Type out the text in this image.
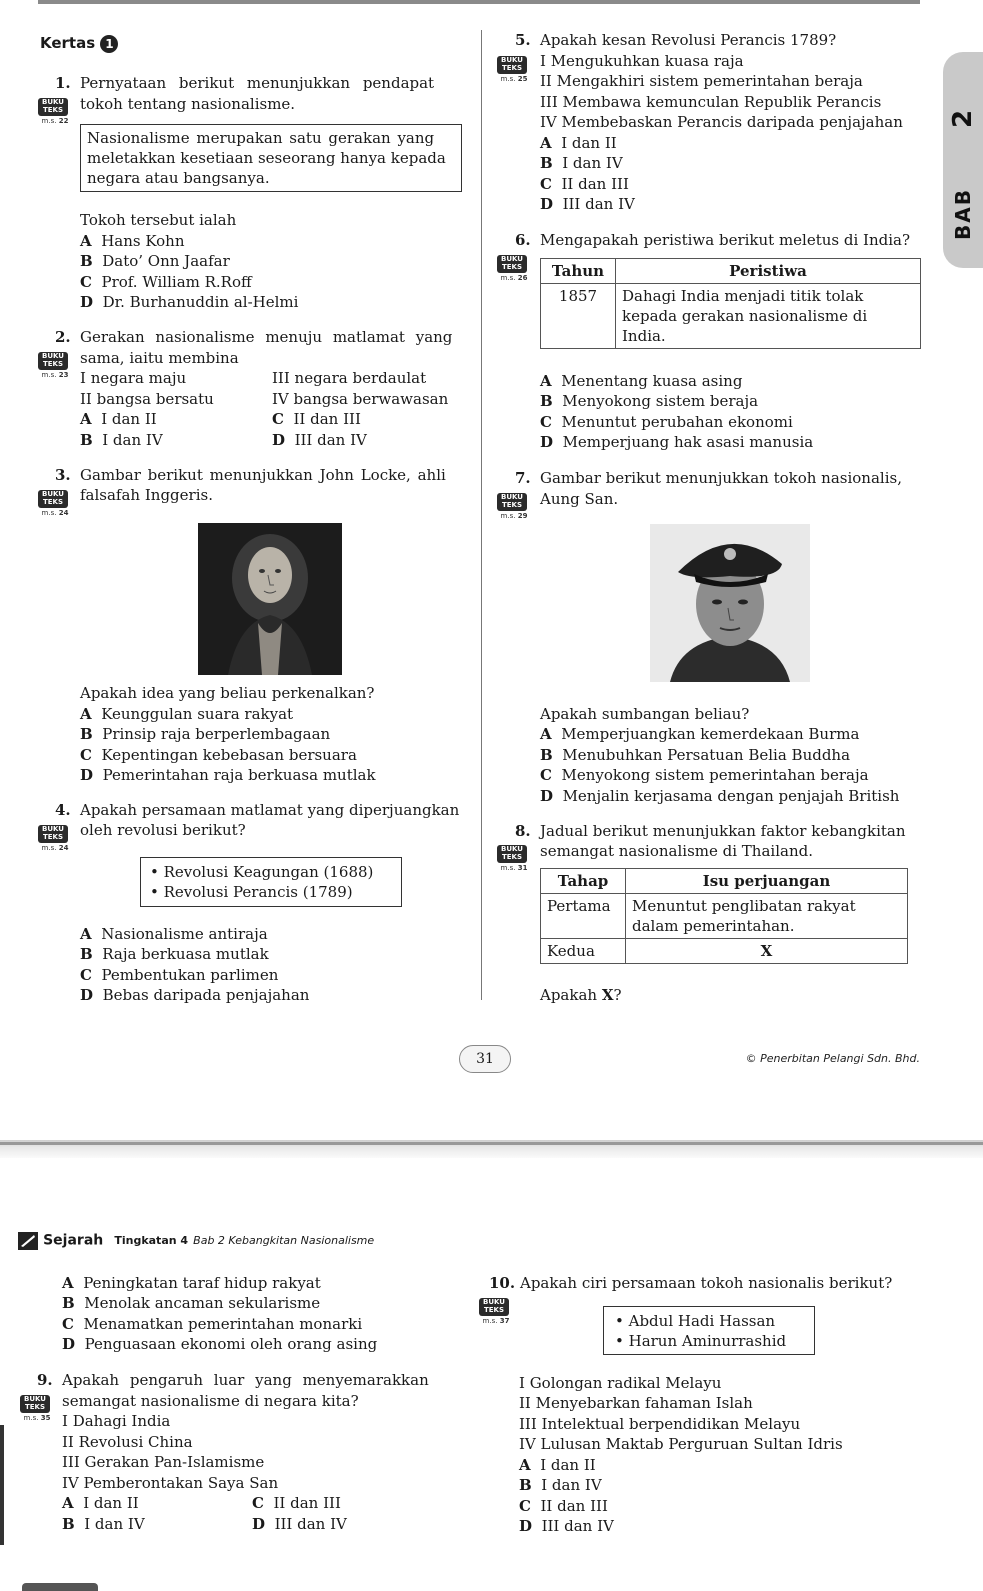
Kertas 1
1. Pernyataan berikut menunjukkan pendapat
tokoh tentang nasionalisme.
BUKU TEKS
m.s. 22
Nasionalisme merupakan satu gerakan yang
meletakkan kesetiaan seseorang hanya kepada
negara atau bangsanya.
Tokoh tersebut ialah
A Hans Kohn
B Dato’ Onn Jaafar
C Prof. William R.Roff
D Dr. Burhanuddin al-Helmi
2. Gerakan nasionalisme menuju matlamat yang
sama, iaitu membina
BUKU TEKS
m.s. 23 I negara maju	III negara berdaulat
II bangsa bersatu	IV bangsa berwawasan
A I dan II	C II dan III
B I dan IV	D III dan IV
3. Gambar berikut menunjukkan John Locke, ahli
falsafah Inggeris.
BUKU TEKS
m.s. 24
Apakah idea yang beliau perkenalkan?
A Keunggulan suara rakyat
B Prinsip raja berperlembagaan
C Kepentingan kebebasan bersuara
D Pemerintahan raja berkuasa mutlak
4. Apakah persamaan matlamat yang diperjuangkan
oleh revolusi berikut?
BUKU TEKS
m.s. 24
• Revolusi Keagungan (1688)
• Revolusi Perancis (1789)
A Nasionalisme antiraja
B Raja berkuasa mutlak
C Pembentukan parlimen
D Bebas daripada penjajahan
5. Apakah kesan Revolusi Perancis 1789?
BUKU TEKS
m.s. 25
I Mengukuhkan kuasa raja
II Mengakhiri sistem pemerintahan beraja
III Membawa kemunculan Republik Perancis
IV Membebaskan Perancis daripada penjajahan
A I dan II
B I dan IV
C II dan III
D III dan IV
2
BAB
6. Mengapakah peristiwa berikut meletus di India?
BUKU TEKS
m.s. 26 Tahun	Peristiwa
1857	Dahagi India menjadi titik tolak kepada gerakan nasionalisme di India.
A Menentang kuasa asing
B Menyokong sistem beraja
C Menuntut perubahan ekonomi
D Memperjuang hak asasi manusia
7. Gambar berikut menunjukkan tokoh nasionalis,
Aung San.
BUKU TEKS
m.s. 29
Apakah sumbangan beliau?
A Memperjuangkan kemerdekaan Burma
B Menubuhkan Persatuan Belia Buddha
C Menyokong sistem pemerintahan beraja
D Menjalin kerjasama dengan penjajah British
8. Jadual berikut menunjukkan faktor kebangkitan
semangat nasionalisme di Thailand.
BUKU TEKS
m.s. 31
Tahap	Isu perjuangan
Pertama	Menuntut penglibatan rakyat dalam pemerintahan.
Kedua	X
Apakah X?
31	© Penerbitan Pelangi Sdn. Bhd.
Sejarah Tingkatan 4 Bab 2 Kebangkitan Nasionalisme
A Peningkatan taraf hidup rakyat
B Menolak ancaman sekularisme
C Menamatkan pemerintahan monarki
D Penguasaan ekonomi oleh orang asing
9. Apakah pengaruh luar yang menyemarakkan
semangat nasionalisme di negara kita?
BUKU TEKS
m.s. 35 I Dahagi India
II Revolusi China
III Gerakan Pan-Islamisme
IV Pemberontakan Saya San
A I dan II	C II dan III
B I dan IV	D III dan IV
10. Apakah ciri persamaan tokoh nasionalis berikut?
BUKU TEKS
m.s. 37	• Abdul Hadi Hassan
• Harun Aminurrashid
I Golongan radikal Melayu
II Menyebarkan fahaman Islah
III Intelektual berpendidikan Melayu
IV Lulusan Maktab Perguruan Sultan Idris
A I dan II
B I dan IV
C II dan III
D III dan IV
